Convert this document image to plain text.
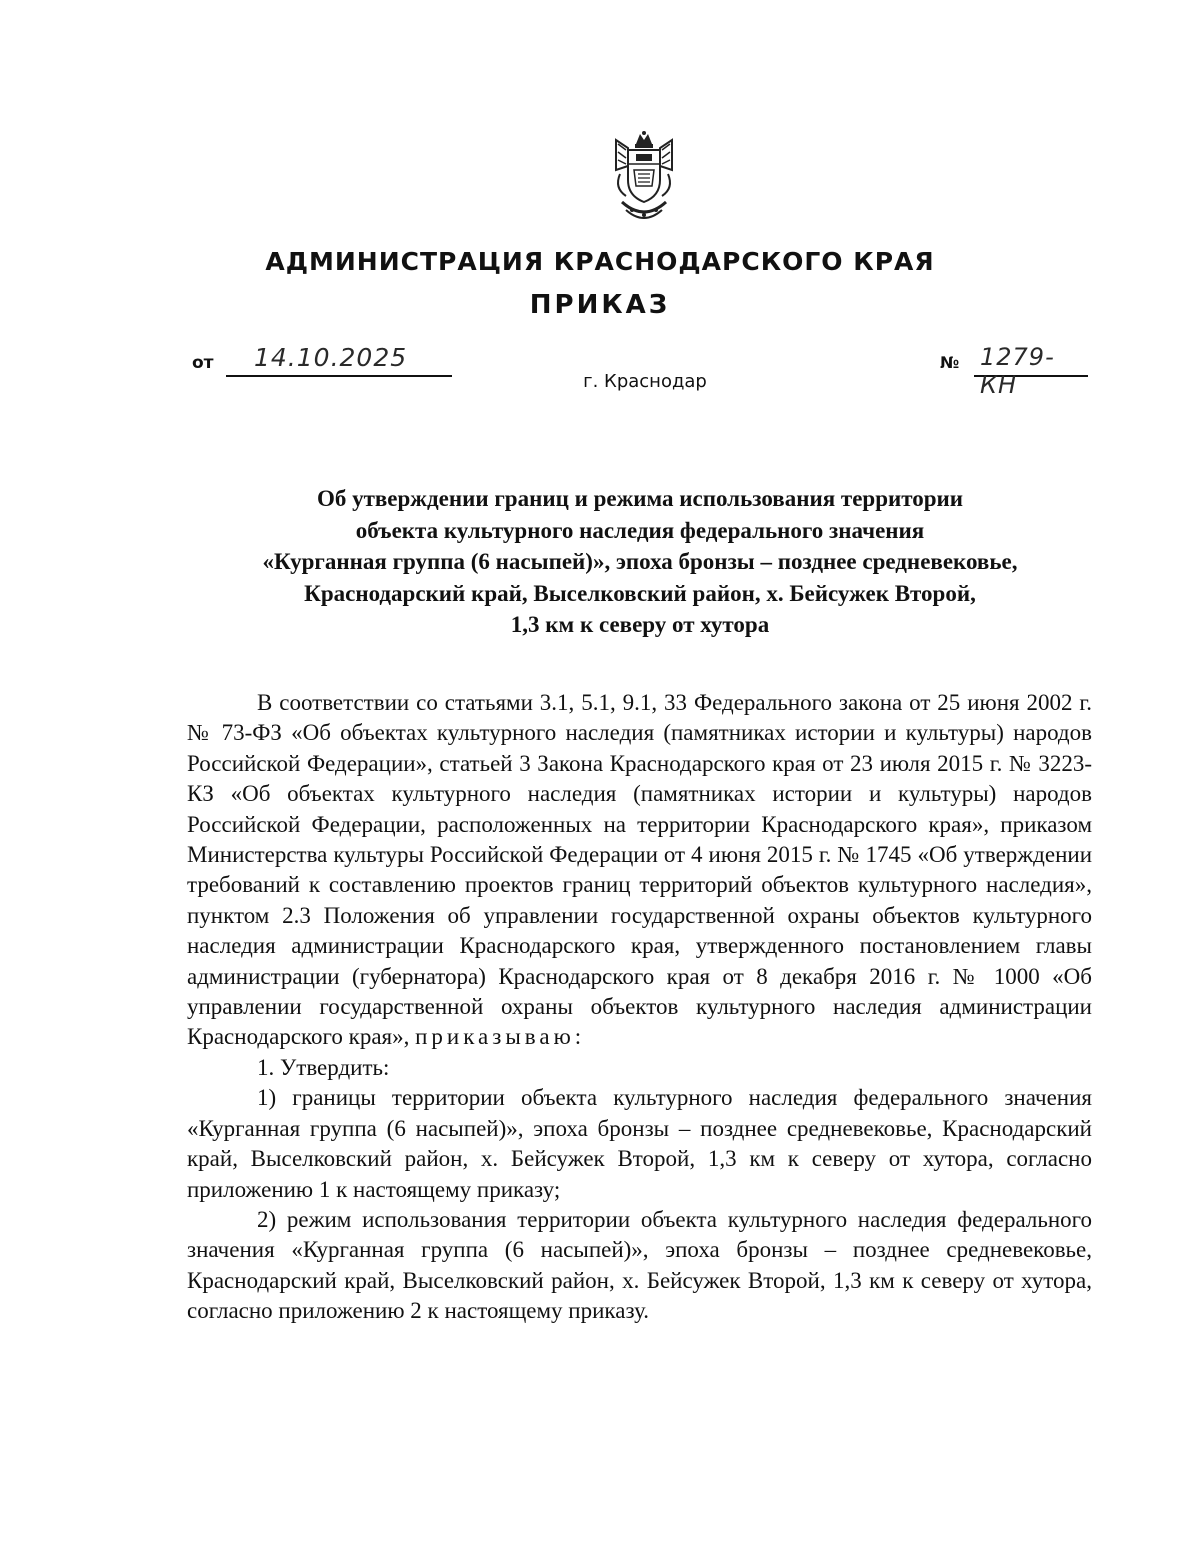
АДМИНИСТРАЦИЯ КРАСНОДАРСКОГО КРАЯ
ПРИКАЗ
от 14.10.2025	№ 1279-КН
г. Краснодар
Об утверждении границ и режима использования территории
объекта культурного наследия федерального значения
«Курганная группа (6 насыпей)», эпоха бронзы – позднее средневековье,
Краснодарский край, Выселковский район, х. Бейсужек Второй,
1,3 км к северу от хутора

В соответствии со статьями 3.1, 5.1, 9.1, 33 Федерального закона от 25 июня 2002 г. № 73-ФЗ «Об объектах культурного наследия (памятниках истории и культуры) народов Российской Федерации», статьей 3 Закона Краснодарского края от 23 июля 2015 г. № 3223-КЗ «Об объектах культурного наследия (памятниках истории и культуры) народов Российской Федерации, расположенных на территории Краснодарского края», приказом Министерства культуры Российской Федерации от 4 июня 2015 г. № 1745 «Об утверждении требований к составлению проектов границ территорий объектов культурного наследия», пунктом 2.3 Положения об управлении государственной охраны объектов культурного наследия администрации Краснодарского края, утвержденного постановлением главы администрации (губернатора) Краснодарского края от 8 декабря 2016 г. № 1000 «Об управлении государственной охраны объектов культурного наследия администрации Краснодарского края», приказываю:

1. Утвердить:

1) границы территории объекта культурного наследия федерального значения «Курганная группа (6 насыпей)», эпоха бронзы – позднее средневековье, Краснодарский край, Выселковский район, х. Бейсужек Второй, 1,3 км к северу от хутора, согласно приложению 1 к настоящему приказу;

2) режим использования территории объекта культурного наследия федерального значения «Курганная группа (6 насыпей)», эпоха бронзы – позднее средневековье, Краснодарский край, Выселковский район, х. Бейсужек Второй, 1,3 км к северу от хутора, согласно приложению 2 к настоящему приказу.
